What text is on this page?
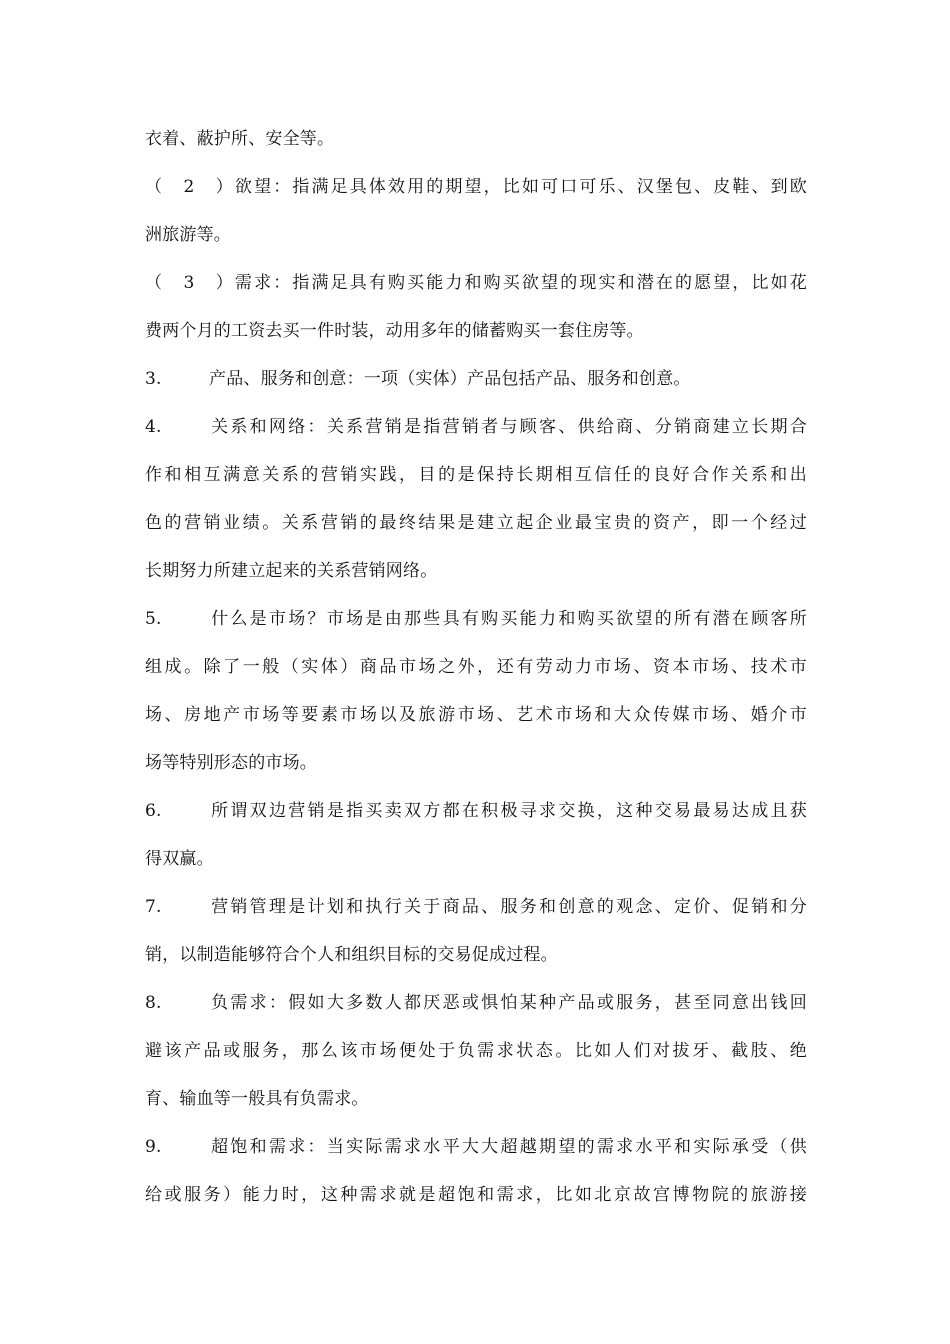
衣着、蔽护所、安全等。
（2）欲望：指满足具体效用的期望，比如可口可乐、汉堡包、皮鞋、到欧
洲旅游等。
（3）需求：指满足具有购买能力和购买欲望的现实和潜在的愿望，比如花
费两个月的工资去买一件时装，动用多年的储蓄购买一套住房等。
3.	产品、服务和创意：一项（实体）产品包括产品、服务和创意。
4.	关系和网络：关系营销是指营销者与顾客、供给商、分销商建立长期合
作和相互满意关系的营销实践，目的是保持长期相互信任的良好合作关系和出
色的营销业绩。关系营销的最终结果是建立起企业最宝贵的资产，即一个经过
长期努力所建立起来的关系营销网络。
5.	什么是市场？市场是由那些具有购买能力和购买欲望的所有潜在顾客所
组成。除了一般（实体）商品市场之外，还有劳动力市场、资本市场、技术市
场、房地产市场等要素市场以及旅游市场、艺术市场和大众传媒市场、婚介市
场等特别形态的市场。
6.	所谓双边营销是指买卖双方都在积极寻求交换，这种交易最易达成且获
得双赢。
7.	营销管理是计划和执行关于商品、服务和创意的观念、定价、促销和分
销，以制造能够符合个人和组织目标的交易促成过程。
8.	负需求：假如大多数人都厌恶或惧怕某种产品或服务，甚至同意出钱回
避该产品或服务，那么该市场便处于负需求状态。比如人们对拔牙、截肢、绝
育、输血等一般具有负需求。
9.	超饱和需求：当实际需求水平大大超越期望的需求水平和实际承受（供
给或服务）能力时，这种需求就是超饱和需求，比如北京故宫博物院的旅游接
